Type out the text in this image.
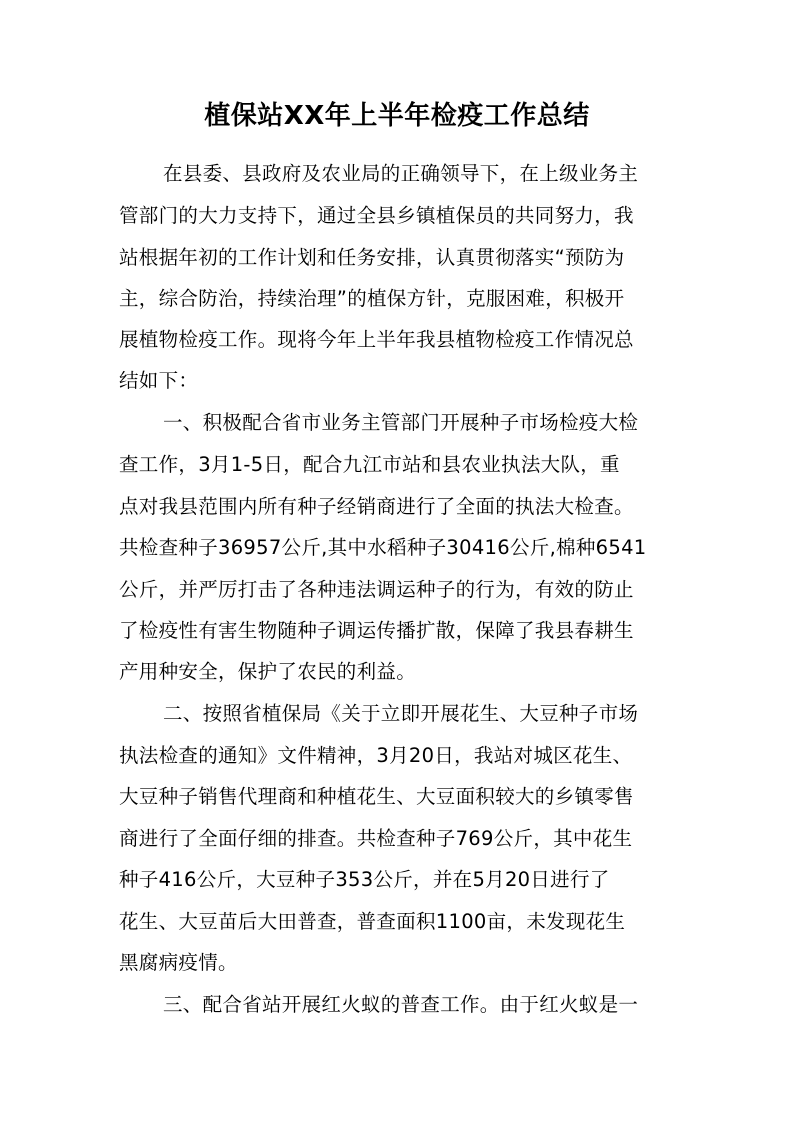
植保站XX年上半年检疫工作总结
在县委、县政府及农业局的正确领导下，在上级业务主
管部门的大力支持下，通过全县乡镇植保员的共同努力，我
站根据年初的工作计划和任务安排，认真贯彻落实“预防为
主，综合防治，持续治理”的植保方针，克服困难，积极开
展植物检疫工作。现将今年上半年我县植物检疫工作情况总
结如下：
一、积极配合省市业务主管部门开展种子市场检疫大检
查工作，3月1-5日，配合九江市站和县农业执法大队，重
点对我县范围内所有种子经销商进行了全面的执法大检查。
共检查种子36957公斤,其中水稻种子30416公斤,棉种6541
公斤，并严厉打击了各种违法调运种子的行为，有效的防止
了检疫性有害生物随种子调运传播扩散，保障了我县春耕生
产用种安全，保护了农民的利益。
二、按照省植保局《关于立即开展花生、大豆种子市场
执法检查的通知》文件精神，3月20日，我站对城区花生、
大豆种子销售代理商和种植花生、大豆面积较大的乡镇零售
商进行了全面仔细的排查。共检查种子769公斤，其中花生
种子416公斤，大豆种子353公斤，并在5月20日进行了
花生、大豆苗后大田普查，普查面积1100亩，未发现花生
黑腐病疫情。
三、配合省站开展红火蚁的普查工作。由于红火蚁是一
